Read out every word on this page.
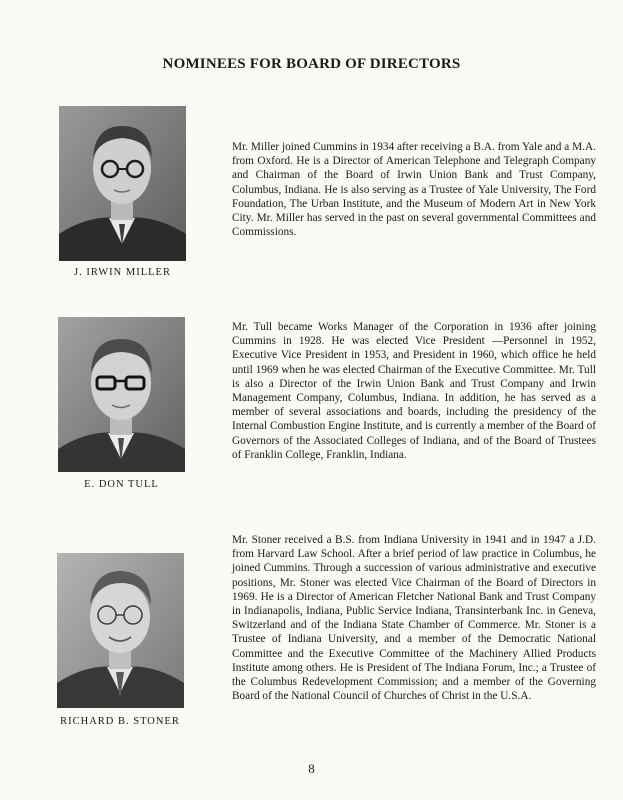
NOMINEES FOR BOARD OF DIRECTORS
J. IRWIN MILLER
Mr. Miller joined Cummins in 1934 after receiving a B.A. from Yale and a M.A. from Oxford. He is a Director of American Telephone and Telegraph Company and Chairman of the Board of Irwin Union Bank and Trust Company, Columbus, Indiana. He is also serving as a Trustee of Yale University, The Ford Foundation, The Urban Institute, and the Museum of Modern Art in New York City. Mr. Miller has served in the past on several governmental Committees and Commissions.
E. DON TULL
Mr. Tull became Works Manager of the Corporation in 1936 after joining Cummins in 1928. He was elected Vice President —Personnel in 1952, Executive Vice President in 1953, and President in 1960, which office he held until 1969 when he was elected Chairman of the Executive Committee. Mr. Tull is also a Director of the Irwin Union Bank and Trust Company and Irwin Management Company, Columbus, Indiana. In addition, he has served as a member of several associations and boards, including the presidency of the Internal Combustion Engine Institute, and is currently a member of the Board of Governors of the Associated Colleges of Indiana, and of the Board of Trustees of Franklin College, Franklin, Indiana.
RICHARD B. STONER
Mr. Stoner received a B.S. from Indiana University in 1941 and in 1947 a J.D. from Harvard Law School. After a brief period of law practice in Columbus, he joined Cummins. Through a succession of various administrative and executive positions, Mr. Stoner was elected Vice Chairman of the Board of Directors in 1969. He is a Director of American Fletcher National Bank and Trust Company in Indianapolis, Indiana, Public Service Indiana, Transinterbank Inc. in Geneva, Switzerland and of the Indiana State Chamber of Commerce. Mr. Stoner is a Trustee of Indiana University, and a member of the Democratic National Committee and the Executive Committee of the Machinery Allied Products Institute among others. He is President of The Indiana Forum, Inc.; a Trustee of the Columbus Redevelopment Commission; and a member of the Governing Board of the National Council of Churches of Christ in the U.S.A.
8
